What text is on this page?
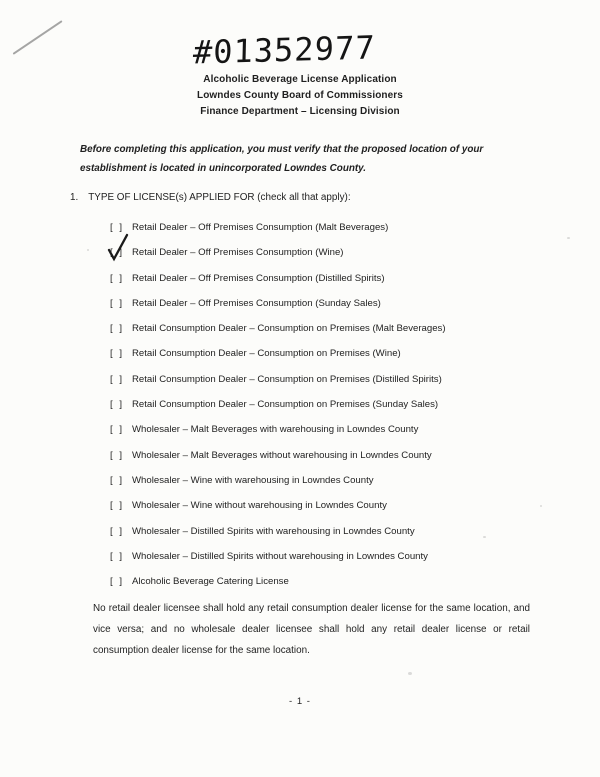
#01352977
Alcoholic Beverage License Application
Lowndes County Board of Commissioners
Finance Department – Licensing Division

Before completing this application, you must verify that the proposed location of your establishment is located in unincorporated Lowndes County.

1. TYPE OF LICENSE(s) APPLIED FOR (check all that apply):
[ ] Retail Dealer – Off Premises Consumption (Malt Beverages)
[ ] Retail Dealer – Off Premises Consumption (Wine)
[ ] Retail Dealer – Off Premises Consumption (Distilled Spirits)
[ ] Retail Dealer – Off Premises Consumption (Sunday Sales)
[ ] Retail Consumption Dealer – Consumption on Premises (Malt Beverages)
[ ] Retail Consumption Dealer – Consumption on Premises (Wine)
[ ] Retail Consumption Dealer – Consumption on Premises (Distilled Spirits)
[ ] Retail Consumption Dealer – Consumption on Premises (Sunday Sales)
[ ] Wholesaler – Malt Beverages with warehousing in Lowndes County
[ ] Wholesaler – Malt Beverages without warehousing in Lowndes County
[ ] Wholesaler – Wine with warehousing in Lowndes County
[ ] Wholesaler – Wine without warehousing in Lowndes County
[ ] Wholesaler – Distilled Spirits with warehousing in Lowndes County
[ ] Wholesaler – Distilled Spirits without warehousing in Lowndes County
[ ] Alcoholic Beverage Catering License

No retail dealer licensee shall hold any retail consumption dealer license for the same location, and vice versa; and no wholesale dealer licensee shall hold any retail dealer license or retail consumption dealer license for the same location.

- 1 -
